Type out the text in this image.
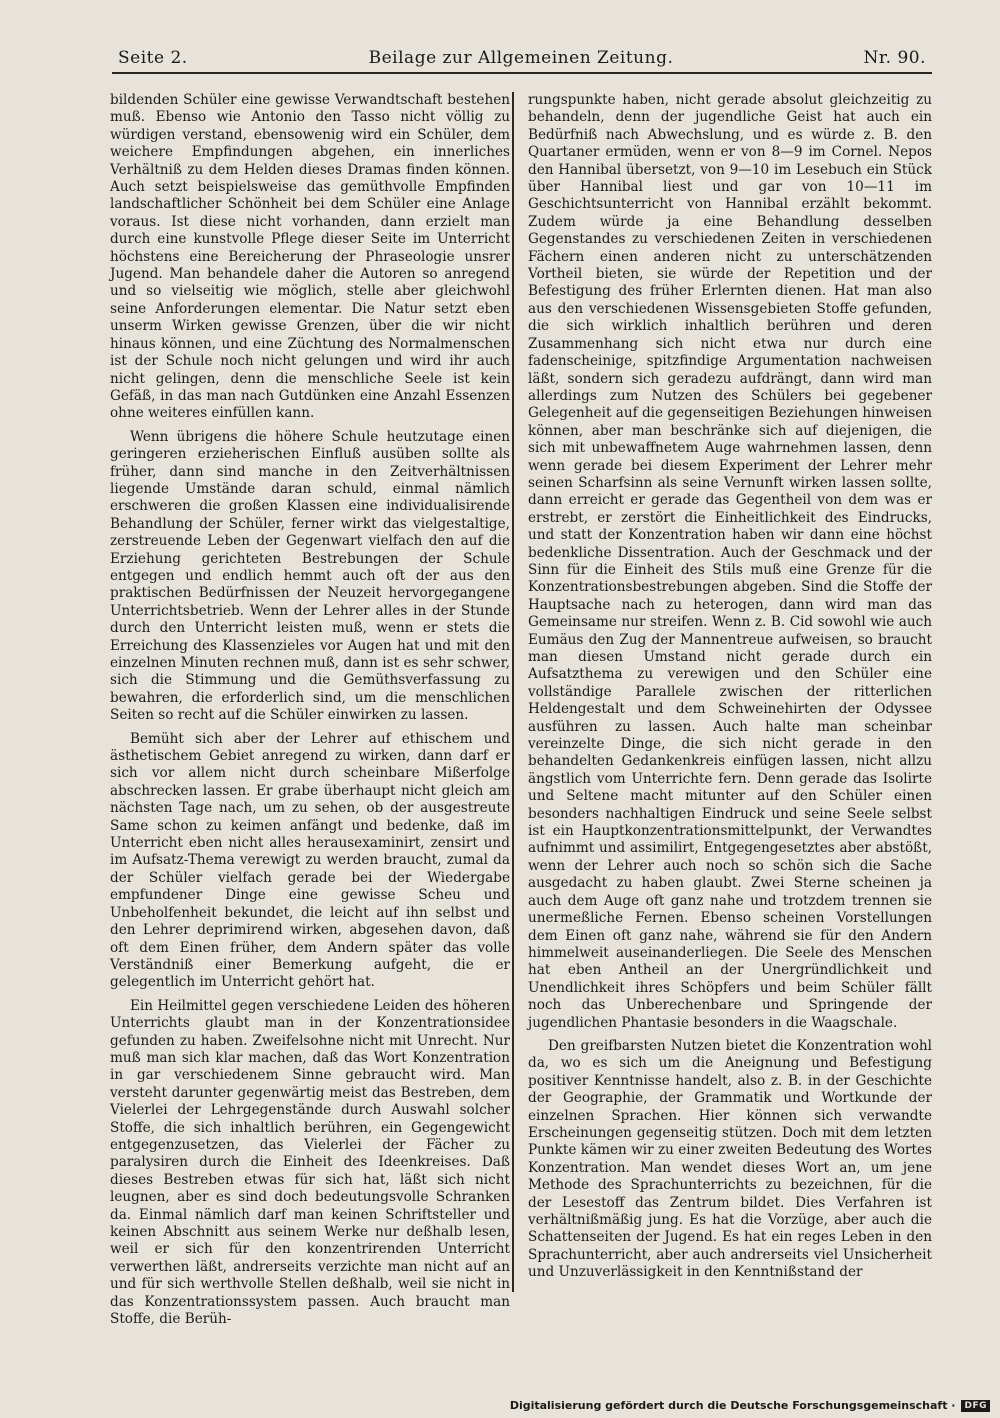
Seite 2.	Beilage zur Allgemeinen Zeitung.	Nr. 90.

bildenden Schüler eine gewisse Verwandtschaft bestehen muß. Ebenso wie Antonio den Tasso nicht völlig zu würdigen verstand, ebensowenig wird ein Schüler, dem weichere Empfindungen abgehen, ein innerliches Verhältniß zu dem Helden dieses Dramas finden können. Auch setzt beispielsweise das gemüthvolle Empfinden landschaftlicher Schönheit bei dem Schüler eine Anlage voraus. Ist diese nicht vorhanden, dann erzielt man durch eine kunstvolle Pflege dieser Seite im Unterricht höchstens eine Bereicherung der Phraseologie unsrer Jugend. Man behandele daher die Autoren so anregend und so vielseitig wie möglich, stelle aber gleichwohl seine Anforderungen elementar. Die Natur setzt eben unserm Wirken gewisse Grenzen, über die wir nicht hinaus können, und eine Züchtung des Normalmenschen ist der Schule noch nicht gelungen und wird ihr auch nicht gelingen, denn die menschliche Seele ist kein Gefäß, in das man nach Gutdünken eine Anzahl Essenzen ohne weiteres einfüllen kann.

Wenn übrigens die höhere Schule heutzutage einen geringeren erzieherischen Einfluß ausüben sollte als früher, dann sind manche in den Zeitverhältnissen liegende Umstände daran schuld, einmal nämlich erschweren die großen Klassen eine individualisirende Behandlung der Schüler, ferner wirkt das vielgestaltige, zerstreuende Leben der Gegenwart vielfach den auf die Erziehung gerichteten Bestrebungen der Schule entgegen und endlich hemmt auch oft der aus den praktischen Bedürfnissen der Neuzeit hervorgegangene Unterrichtsbetrieb. Wenn der Lehrer alles in der Stunde durch den Unterricht leisten muß, wenn er stets die Erreichung des Klassenzieles vor Augen hat und mit den einzelnen Minuten rechnen muß, dann ist es sehr schwer, sich die Stimmung und die Gemüthsverfassung zu bewahren, die erforderlich sind, um die menschlichen Seiten so recht auf die Schüler einwirken zu lassen.

Bemüht sich aber der Lehrer auf ethischem und ästhetischem Gebiet anregend zu wirken, dann darf er sich vor allem nicht durch scheinbare Mißerfolge abschrecken lassen. Er grabe überhaupt nicht gleich am nächsten Tage nach, um zu sehen, ob der ausgestreute Same schon zu keimen anfängt und bedenke, daß im Unterricht eben nicht alles herausexaminirt, zensirt und im Aufsatz-Thema verewigt zu werden braucht, zumal da der Schüler vielfach gerade bei der Wiedergabe empfundener Dinge eine gewisse Scheu und Unbeholfenheit bekundet, die leicht auf ihn selbst und den Lehrer deprimirend wirken, abgesehen davon, daß oft dem Einen früher, dem Andern später das volle Verständniß einer Bemerkung aufgeht, die er gelegentlich im Unterricht gehört hat.

Ein Heilmittel gegen verschiedene Leiden des höheren Unterrichts glaubt man in der Konzentrationsidee gefunden zu haben. Zweifelsohne nicht mit Unrecht. Nur muß man sich klar machen, daß das Wort Konzentration in gar verschiedenem Sinne gebraucht wird. Man versteht darunter gegenwärtig meist das Bestreben, dem Vielerlei der Lehrgegenstände durch Auswahl solcher Stoffe, die sich inhaltlich berühren, ein Gegengewicht entgegenzusetzen, das Vielerlei der Fächer zu paralysiren durch die Einheit des Ideenkreises. Daß dieses Bestreben etwas für sich hat, läßt sich nicht leugnen, aber es sind doch bedeutungsvolle Schranken da. Einmal nämlich darf man keinen Schriftsteller und keinen Abschnitt aus seinem Werke nur deßhalb lesen, weil er sich für den konzentrirenden Unterricht verwerthen läßt, andrerseits verzichte man nicht auf an und für sich werthvolle Stellen deßhalb, weil sie nicht in das Konzentrationssystem passen. Auch braucht man Stoffe, die Berüh-

rungspunkte haben, nicht gerade absolut gleichzeitig zu behandeln, denn der jugendliche Geist hat auch ein Bedürfniß nach Abwechslung, und es würde z. B. den Quartaner ermüden, wenn er von 8—9 im Cornel. Nepos den Hannibal übersetzt, von 9—10 im Lesebuch ein Stück über Hannibal liest und gar von 10—11 im Geschichtsunterricht von Hannibal erzählt bekommt. Zudem würde ja eine Behandlung desselben Gegenstandes zu verschiedenen Zeiten in verschiedenen Fächern einen anderen nicht zu unterschätzenden Vortheil bieten, sie würde der Repetition und der Befestigung des früher Erlernten dienen. Hat man also aus den verschiedenen Wissensgebieten Stoffe gefunden, die sich wirklich inhaltlich berühren und deren Zusammenhang sich nicht etwa nur durch eine fadenscheinige, spitzfindige Argumentation nachweisen läßt, sondern sich geradezu aufdrängt, dann wird man allerdings zum Nutzen des Schülers bei gegebener Gelegenheit auf die gegenseitigen Beziehungen hinweisen können, aber man beschränke sich auf diejenigen, die sich mit unbewaffnetem Auge wahrnehmen lassen, denn wenn gerade bei diesem Experiment der Lehrer mehr seinen Scharfsinn als seine Vernunft wirken lassen sollte, dann erreicht er gerade das Gegentheil von dem was er erstrebt, er zerstört die Einheitlichkeit des Eindrucks, und statt der Konzentration haben wir dann eine höchst bedenkliche Dissentration. Auch der Geschmack und der Sinn für die Einheit des Stils muß eine Grenze für die Konzentrationsbestrebungen abgeben. Sind die Stoffe der Hauptsache nach zu heterogen, dann wird man das Gemeinsame nur streifen. Wenn z. B. Cid sowohl wie auch Eumäus den Zug der Mannentreue aufweisen, so braucht man diesen Umstand nicht gerade durch ein Aufsatzthema zu verewigen und den Schüler eine vollständige Parallele zwischen der ritterlichen Heldengestalt und dem Schweinehirten der Odyssee ausführen zu lassen. Auch halte man scheinbar vereinzelte Dinge, die sich nicht gerade in den behandelten Gedankenkreis einfügen lassen, nicht allzu ängstlich vom Unterrichte fern. Denn gerade das Isolirte und Seltene macht mitunter auf den Schüler einen besonders nachhaltigen Eindruck und seine Seele selbst ist ein Hauptkonzentrationsmittelpunkt, der Verwandtes aufnimmt und assimilirt, Entgegengesetztes aber abstößt, wenn der Lehrer auch noch so schön sich die Sache ausgedacht zu haben glaubt. Zwei Sterne scheinen ja auch dem Auge oft ganz nahe und trotzdem trennen sie unermeßliche Fernen. Ebenso scheinen Vorstellungen dem Einen oft ganz nahe, während sie für den Andern himmelweit auseinanderliegen. Die Seele des Menschen hat eben Antheil an der Unergründlichkeit und Unendlichkeit ihres Schöpfers und beim Schüler fällt noch das Unberechenbare und Springende der jugendlichen Phantasie besonders in die Waagschale.

Den greifbarsten Nutzen bietet die Konzentration wohl da, wo es sich um die Aneignung und Befestigung positiver Kenntnisse handelt, also z. B. in der Geschichte der Geographie, der Grammatik und Wortkunde der einzelnen Sprachen. Hier können sich verwandte Erscheinungen gegenseitig stützen. Doch mit dem letzten Punkte kämen wir zu einer zweiten Bedeutung des Wortes Konzentration. Man wendet dieses Wort an, um jene Methode des Sprachunterrichts zu bezeichnen, für die der Lesestoff das Zentrum bildet. Dies Verfahren ist verhältnißmäßig jung. Es hat die Vorzüge, aber auch die Schattenseiten der Jugend. Es hat ein reges Leben in den Sprachunterricht, aber auch andrerseits viel Unsicherheit und Unzuverlässigkeit in den Kenntnißstand der

Digitalisierung gefördert durch die Deutsche Forschungsgemeinschaft ·	DFG
